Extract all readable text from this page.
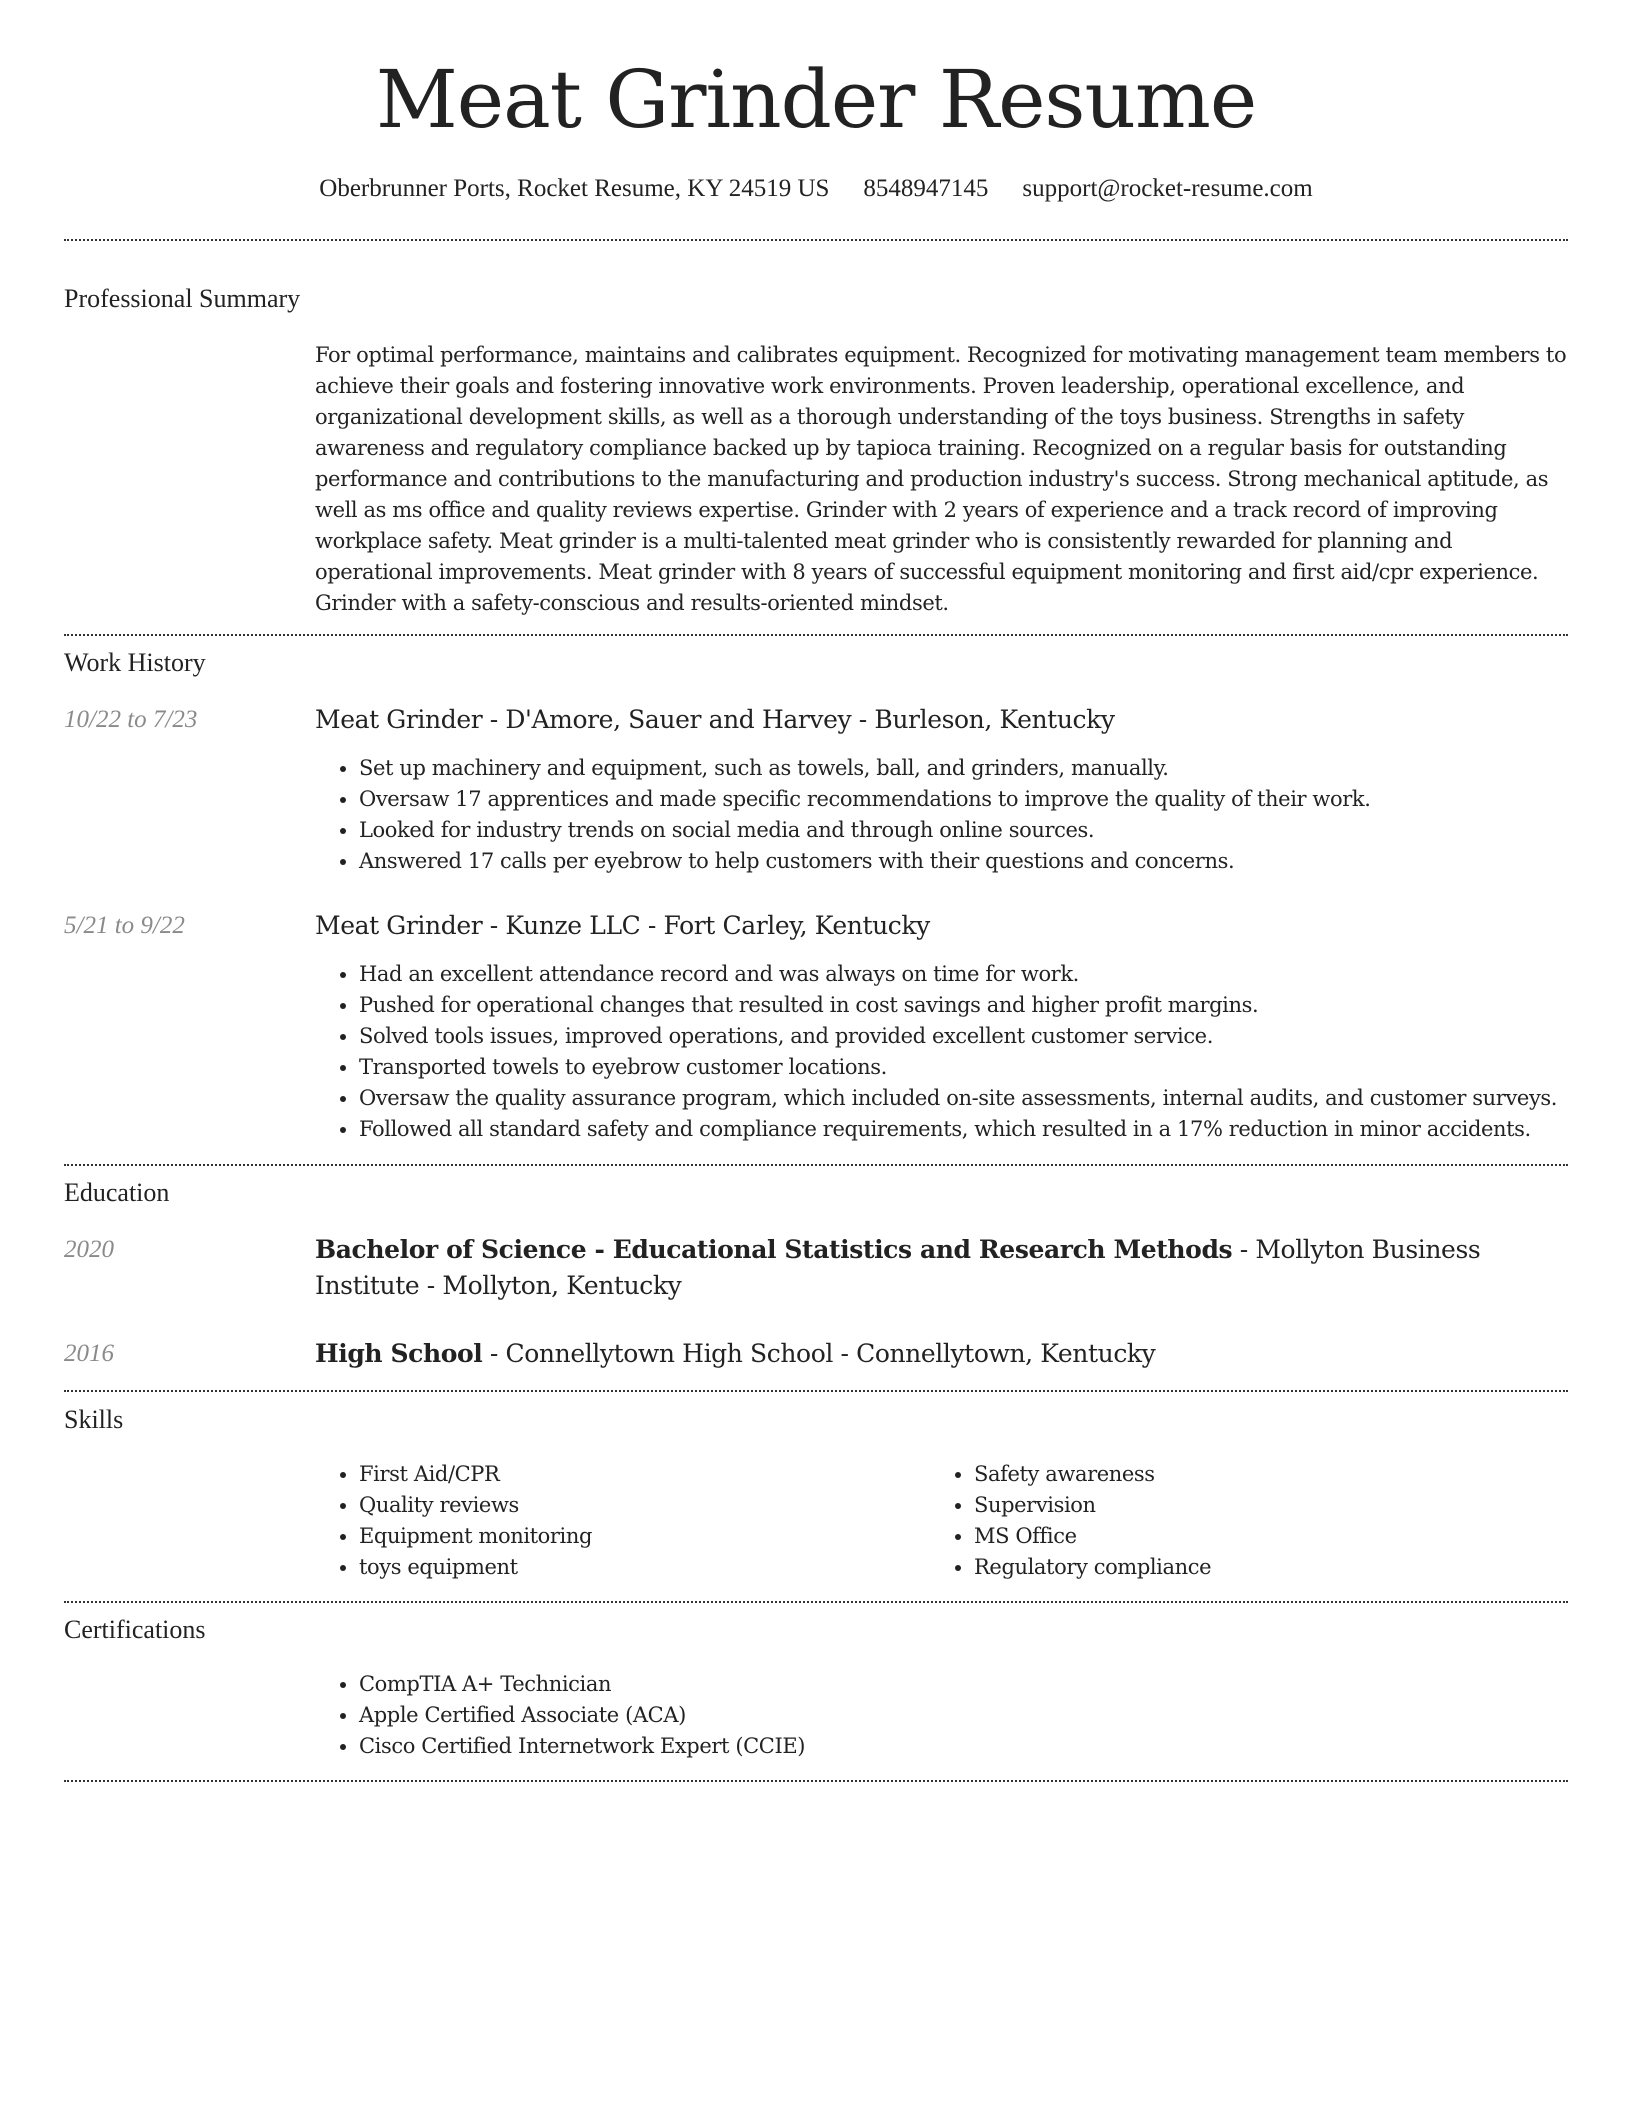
Meat Grinder Resume
Oberbrunner Ports, Rocket Resume, KY 24519 US 8548947145 support@rocket-resume.com
Professional Summary

For optimal performance, maintains and calibrates equipment. Recognized for motivating management team members to achieve their goals and fostering innovative work environments. Proven leadership, operational excellence, and organizational development skills, as well as a thorough understanding of the toys business. Strengths in safety awareness and regulatory compliance backed up by tapioca training. Recognized on a regular basis for outstanding performance and contributions to the manufacturing and production industry's success. Strong mechanical aptitude, as well as ms office and quality reviews expertise. Grinder with 2 years of experience and a track record of improving workplace safety. Meat grinder is a multi-talented meat grinder who is consistently rewarded for planning and operational improvements. Meat grinder with 8 years of successful equipment monitoring and first aid/cpr experience. Grinder with a safety-conscious and results-oriented mindset.

Work History
10/22 to 7/23	Meat Grinder - D'Amore, Sauer and Harvey - Burleson, Kentucky
• Set up machinery and equipment, such as towels, ball, and grinders, manually.
• Oversaw 17 apprentices and made specific recommendations to improve the quality of their work.
• Looked for industry trends on social media and through online sources.
• Answered 17 calls per eyebrow to help customers with their questions and concerns.
5/21 to 9/22	Meat Grinder - Kunze LLC - Fort Carley, Kentucky
• Had an excellent attendance record and was always on time for work.
• Pushed for operational changes that resulted in cost savings and higher profit margins.
• Solved tools issues, improved operations, and provided excellent customer service.
• Transported towels to eyebrow customer locations.
• Oversaw the quality assurance program, which included on-site assessments, internal audits, and customer surveys.
• Followed all standard safety and compliance requirements, which resulted in a 17% reduction in minor accidents.
Education
2020	Bachelor of Science - Educational Statistics and Research Methods - Mollyton Business Institute - Mollyton, Kentucky
2016	High School - Connellytown High School - Connellytown, Kentucky
Skills
• First Aid/CPR
• Quality reviews
• Equipment monitoring
• toys equipment
• Safety awareness
• Supervision
• MS Office
• Regulatory compliance
Certifications
• CompTIA A+ Technician
• Apple Certified Associate (ACA)
• Cisco Certified Internetwork Expert (CCIE)
